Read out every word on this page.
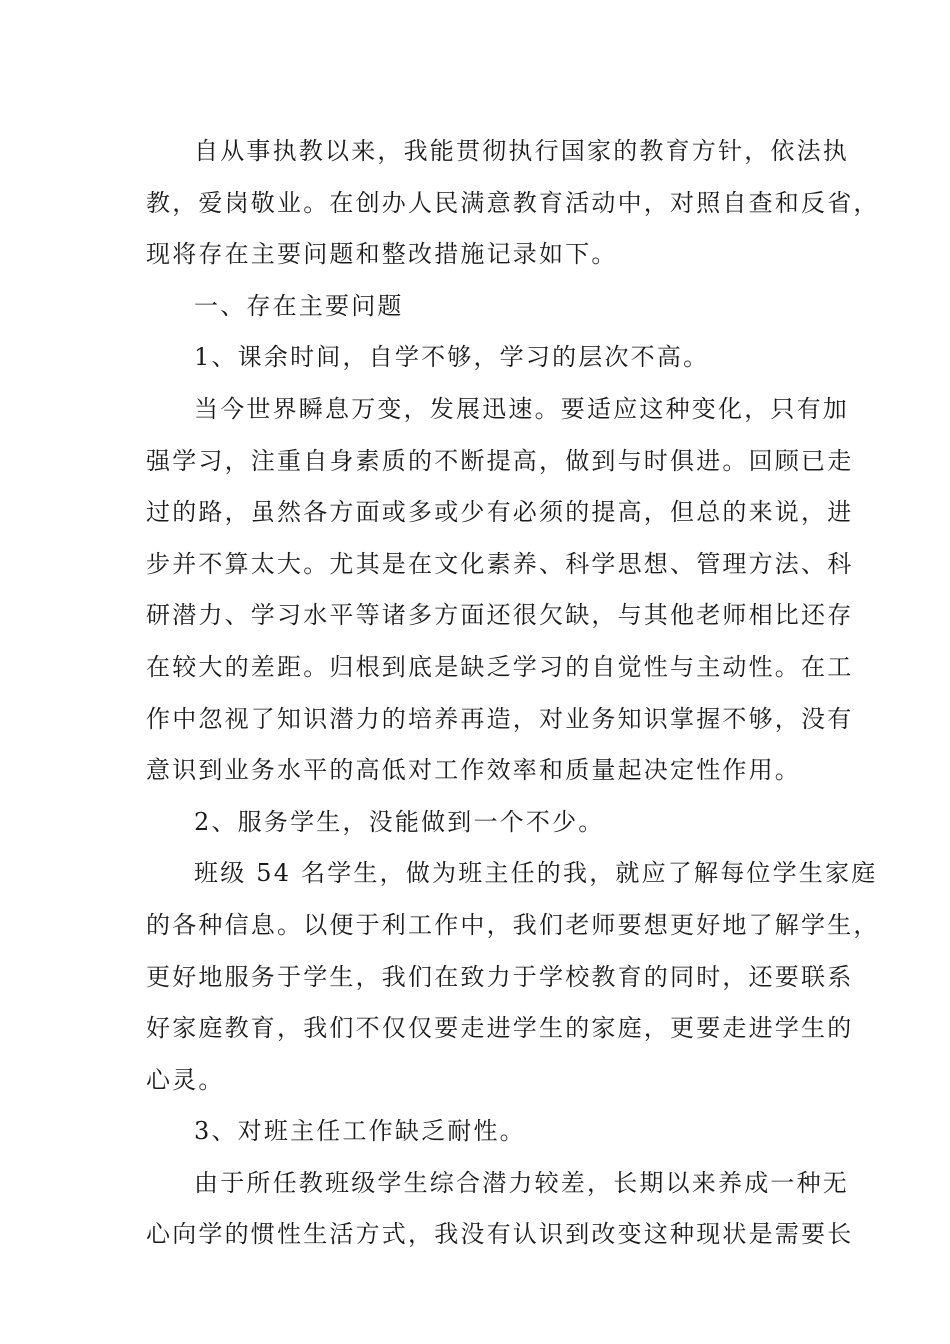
自从事执教以来，我能贯彻执行国家的教育方针，依法执
教，爱岗敬业。在创办人民满意教育活动中，对照自查和反省，
现将存在主要问题和整改措施记录如下。
一、存在主要问题
1、课余时间，自学不够，学习的层次不高。
当今世界瞬息万变，发展迅速。要适应这种变化，只有加
强学习，注重自身素质的不断提高，做到与时俱进。回顾已走
过的路，虽然各方面或多或少有必须的提高，但总的来说，进
步并不算太大。尤其是在文化素养、科学思想、管理方法、科
研潜力、学习水平等诸多方面还很欠缺，与其他老师相比还存
在较大的差距。归根到底是缺乏学习的自觉性与主动性。在工
作中忽视了知识潜力的培养再造，对业务知识掌握不够，没有
意识到业务水平的高低对工作效率和质量起决定性作用。
2、服务学生，没能做到一个不少。
班级 54 名学生，做为班主任的我，就应了解每位学生家庭
的各种信息。以便于利工作中，我们老师要想更好地了解学生，
更好地服务于学生，我们在致力于学校教育的同时，还要联系
好家庭教育，我们不仅仅要走进学生的家庭，更要走进学生的
心灵。
3、对班主任工作缺乏耐性。
由于所任教班级学生综合潜力较差，长期以来养成一种无
心向学的惯性生活方式，我没有认识到改变这种现状是需要长
